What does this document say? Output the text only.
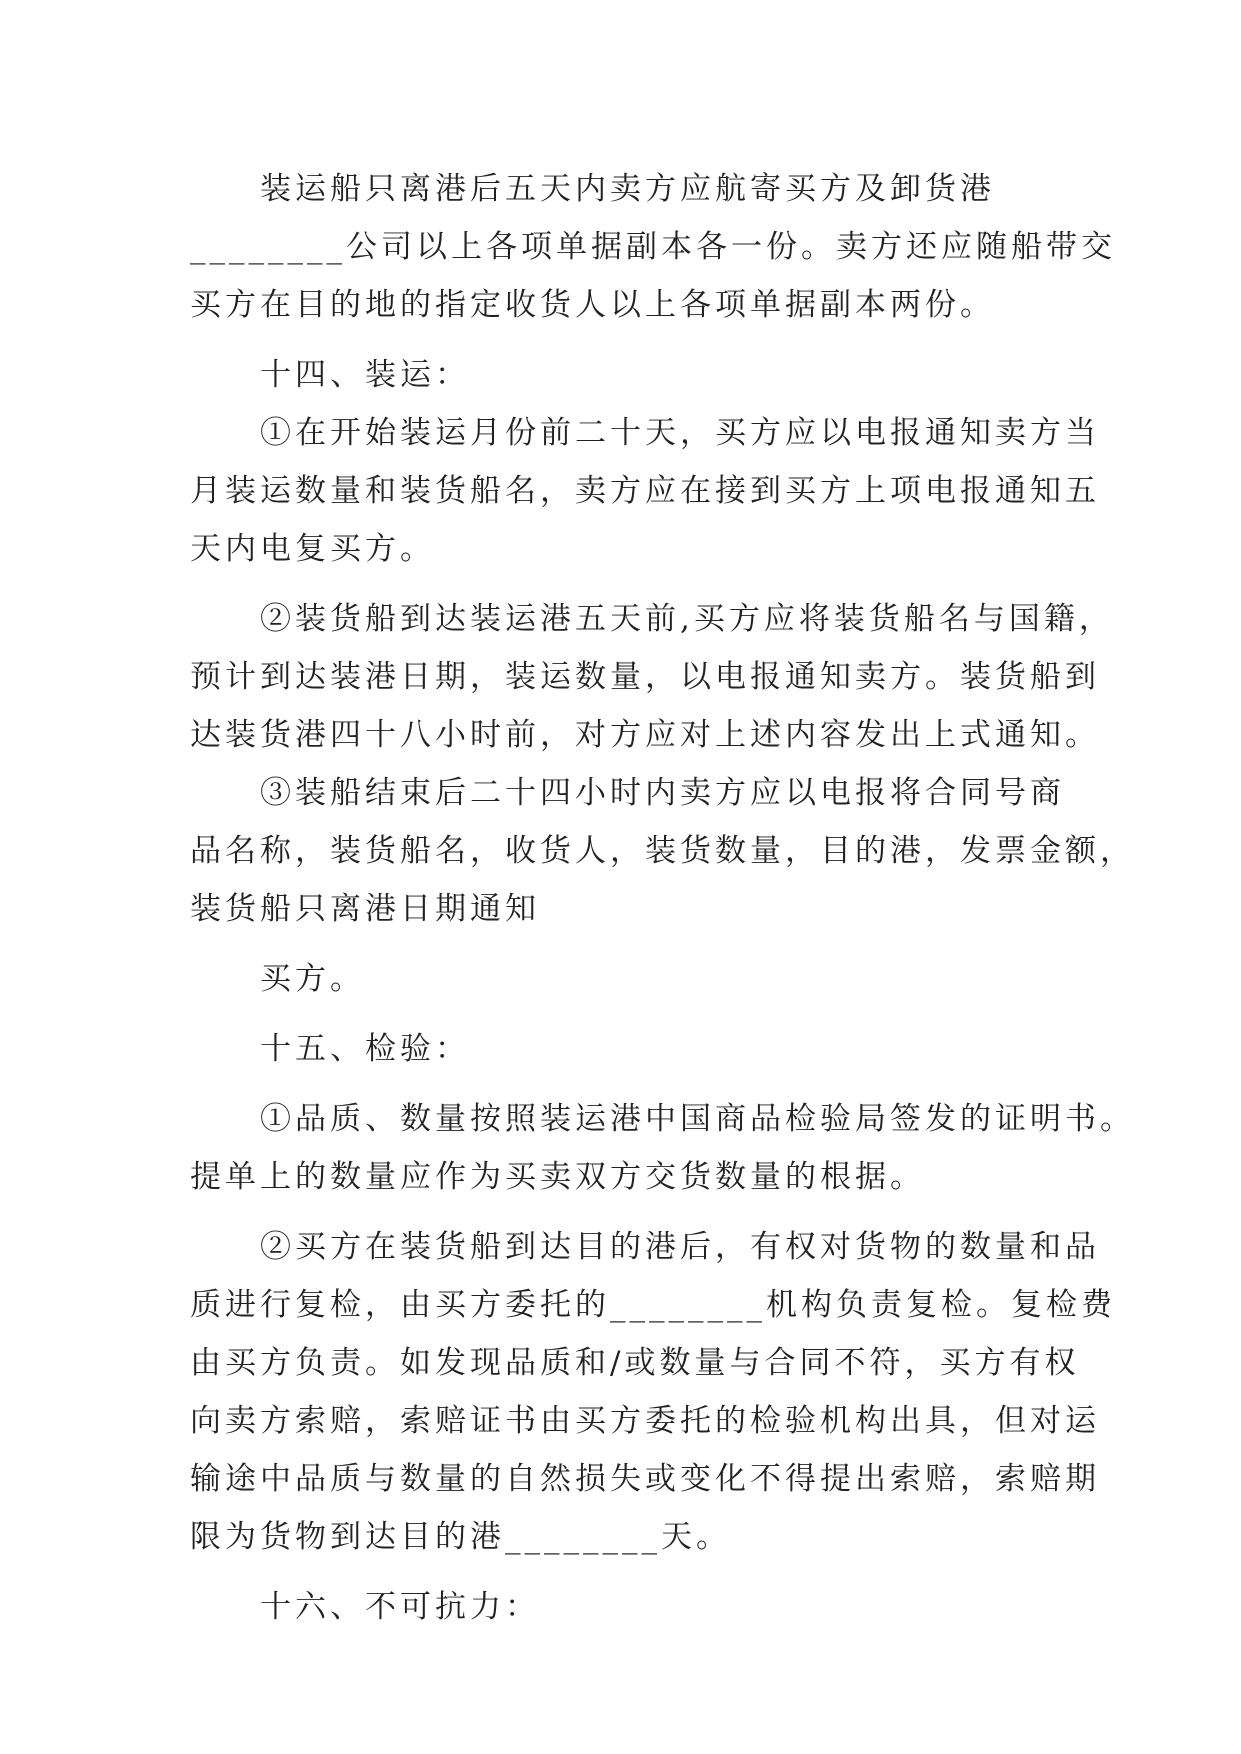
装运船只离港后五天内卖方应航寄买方及卸货港
________公司以上各项单据副本各一份。卖方还应随船带交
买方在目的地的指定收货人以上各项单据副本两份。
十四、装运：
①在开始装运月份前二十天，买方应以电报通知卖方当
月装运数量和装货船名，卖方应在接到买方上项电报通知五
天内电复买方。
②装货船到达装运港五天前,买方应将装货船名与国籍，
预计到达装港日期，装运数量，以电报通知卖方。装货船到
达装货港四十八小时前，对方应对上述内容发出上式通知。
③装船结束后二十四小时内卖方应以电报将合同号商
品名称，装货船名，收货人，装货数量，目的港，发票金额，
装货船只离港日期通知
买方。
十五、检验：
①品质、数量按照装运港中国商品检验局签发的证明书。
提单上的数量应作为买卖双方交货数量的根据。
②买方在装货船到达目的港后，有权对货物的数量和品
质进行复检，由买方委托的________机构负责复检。复检费
由买方负责。如发现品质和/或数量与合同不符，买方有权
向卖方索赔，索赔证书由买方委托的检验机构出具，但对运
输途中品质与数量的自然损失或变化不得提出索赔，索赔期
限为货物到达目的港________天。
十六、不可抗力：
